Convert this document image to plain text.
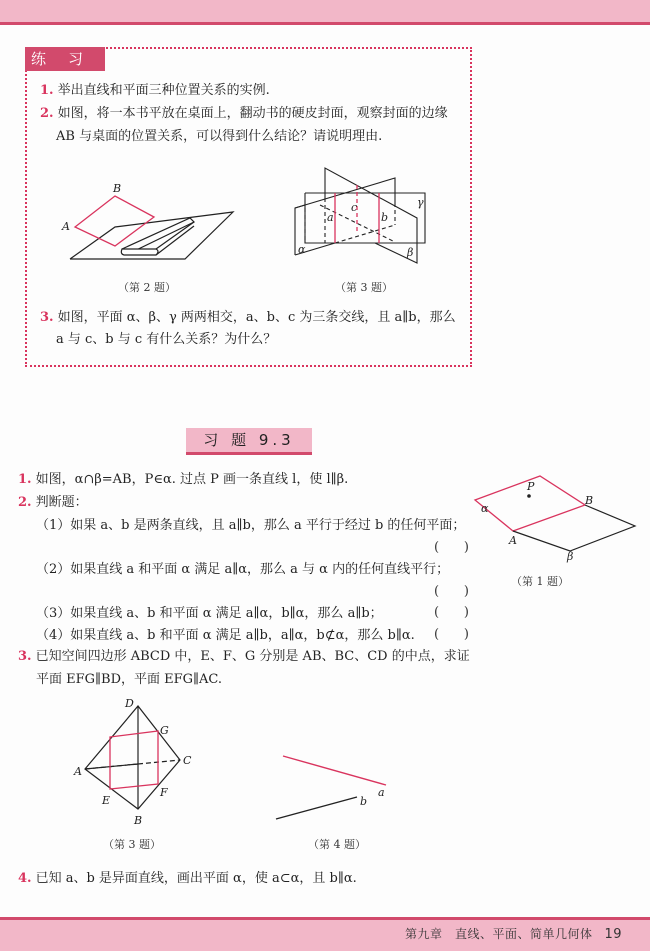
练习
1. 举出直线和平面三种位置关系的实例.
2. 如图，将一本书平放在桌面上，翻动书的硬皮封面，观察封面的边缘
AB 与桌面的位置关系，可以得到什么结论？请说明理由.
A
B
（第 2 题）
a	b
c
α	β
γ
（第 3 题）
3. 如图，平面 α、β、γ 两两相交，a、b、c 为三条交线，且 a∥b，那么
a 与 c、b 与 c 有什么关系？为什么？
习 题 9.3
1. 如图，α∩β=AB，P∈α. 过点 P 画一条直线 l，使 l∥β.
2. 判断题：
（1）如果 a、b 是两条直线，且 a∥b，那么 a 平行于经过 b 的任何平面；
(      )
（2）如果直线 a 和平面 α 满足 a∥α，那么 a 与 α 内的任何直线平行；
(      )
（3）如果直线 a、b 和平面 α 满足 a∥α，b∥α，那么 a∥b；	(      )
（4）如果直线 a、b 和平面 α 满足 a∥b，a∥α，b⊄α，那么 b∥α. (      )
P
α
B
A
β
（第 1 题）
3. 已知空间四边形 ABCD 中，E、F、G 分别是 AB、BC、CD 的中点，求证
平面 EFG∥BD，平面 EFG∥AC.
D
A
C
B
G
F
E
（第 3 题）
a
b
（第 4 题）
4. 已知 a、b 是异面直线，画出平面 α，使 a⊂α，且 b∥α.
第九章　直线、平面、简单几何体 19
